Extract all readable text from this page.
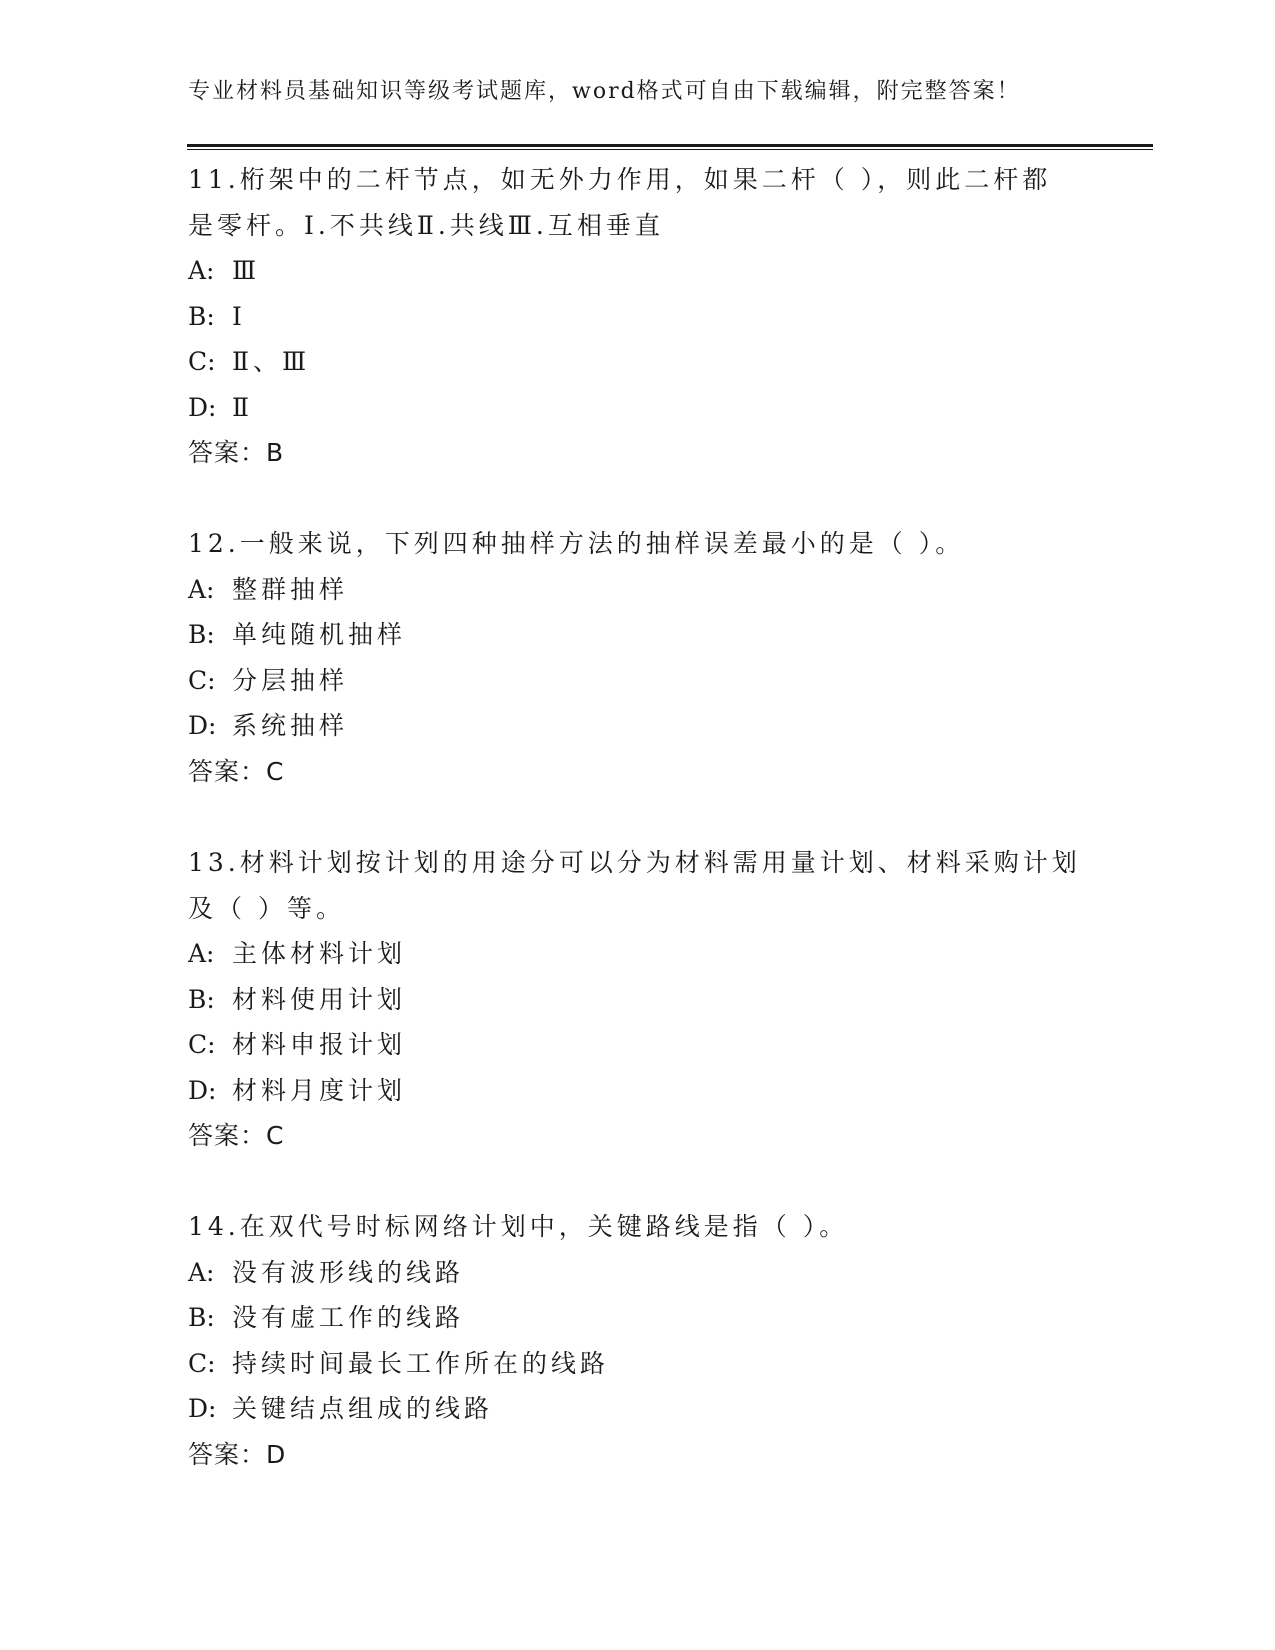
专业材料员基础知识等级考试题库，word格式可自由下载编辑，附完整答案！
11.桁架中的二杆节点，如无外力作用，如果二杆（ ），则此二杆都
是零杆。I.不共线Ⅱ.共线Ⅲ.互相垂直
A: Ⅲ
B: I
C: Ⅱ、Ⅲ
D: Ⅱ
答案：B
12.一般来说，下列四种抽样方法的抽样误差最小的是（ ）。
A: 整群抽样
B: 单纯随机抽样
C: 分层抽样
D: 系统抽样
答案：C
13.材料计划按计划的用途分可以分为材料需用量计划、材料采购计划
及（ ）等。
A: 主体材料计划
B: 材料使用计划
C: 材料申报计划
D: 材料月度计划
答案：C
14.在双代号时标网络计划中，关键路线是指（ ）。
A: 没有波形线的线路
B: 没有虚工作的线路
C: 持续时间最长工作所在的线路
D: 关键结点组成的线路
答案：D
